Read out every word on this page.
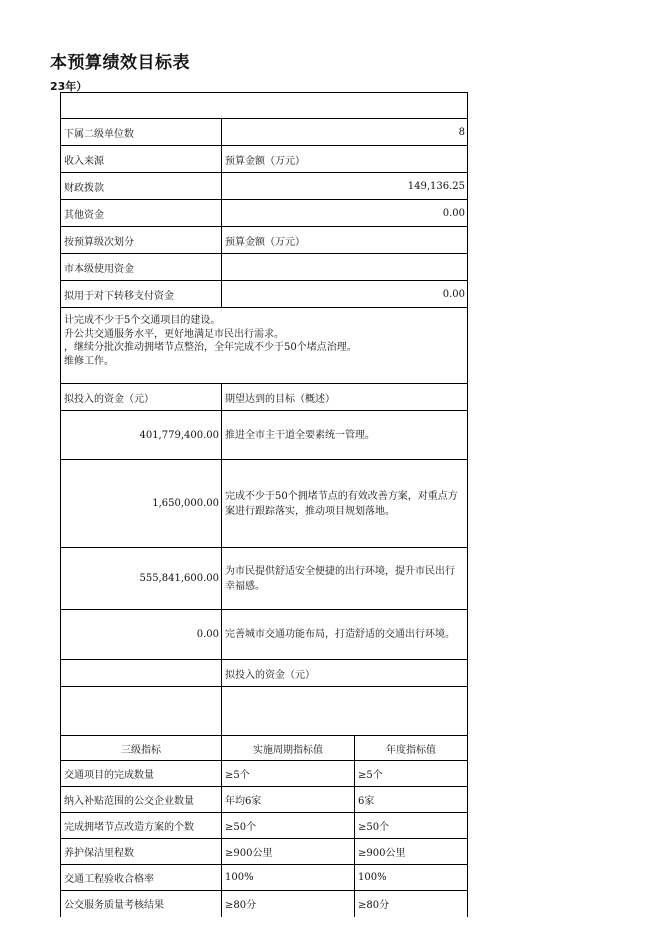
本预算绩效目标表
23年）

下属二级单位数	8	
收入来源	预算金额（万元）	
财政拨款	149,136.25	
其他资金	0.00	
按预算级次划分	预算金额（万元）	
市本级使用资金		
拟用于对下转移支付资金	0.00	

计完成不少于5个交通项目的建设。
升公共交通服务水平，更好地满足市民出行需求。
，继续分批次推动拥堵节点整治，全年完成不少于50个堵点治理。
维修工作。		

拟投入的资金（元）	期望达到的目标（概述）	
401,779,400.00	推进全市主干道全要素统一管理。	
1,650,000.00	完成不少于50个拥堵节点的有效改善方案，对重点方案进行跟踪落实，推动项目规划落地。	
555,841,600.00	为市民提供舒适安全便捷的出行环境，提升市民出行幸福感。	
0.00	完善城市交通功能布局，打造舒适的交通出行环境。	
	拟投入的资金（元）	

三级指标	实施周期指标值	年度指标值
交通项目的完成数量	≥5个	≥5个
纳入补贴范围的公交企业数量	年均6家	6家
完成拥堵节点改造方案的个数	≥50个	≥50个
养护保洁里程数	≥900公里	≥900公里
交通工程验收合格率	100%	100%
公交服务质量考核结果	≥80分	≥80分
